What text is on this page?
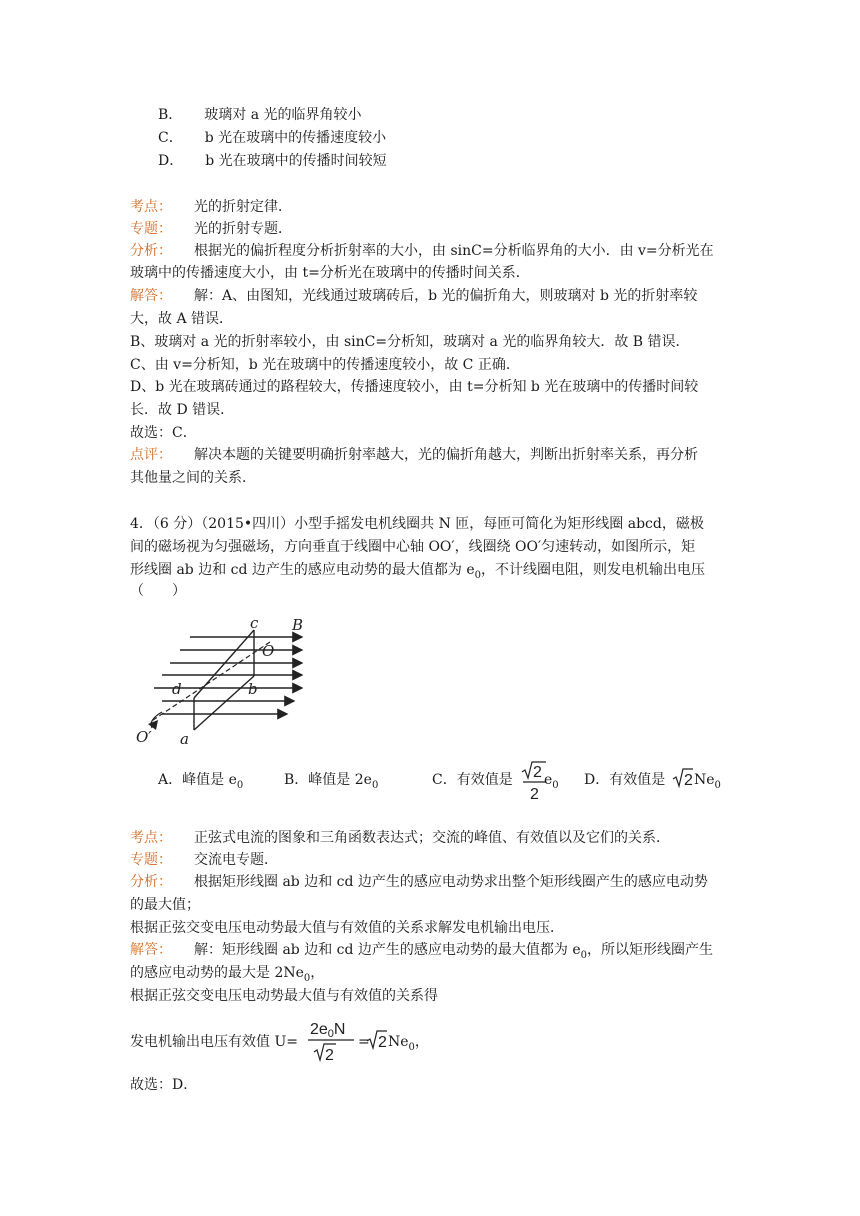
B． 玻璃对 a 光的临界角较小
C． b 光在玻璃中的传播速度较小
D． b 光在玻璃中的传播时间较短
考点： 光的折射定律．
专题： 光的折射专题．
分析： 根据光的偏折程度分析折射率的大小，由 sinC=分析临界角的大小．由 v=分析光在
玻璃中的传播速度大小，由 t=分析光在玻璃中的传播时间关系．
解答： 解：A、由图知，光线通过玻璃砖后，b 光的偏折角大，则玻璃对 b 光的折射率较
大，故 A 错误．
B、玻璃对 a 光的折射率较小，由 sinC=分析知，玻璃对 a 光的临界角较大．故 B 错误．
C、由 v=分析知，b 光在玻璃中的传播速度较小，故 C 正确．
D、b 光在玻璃砖通过的路程较大，传播速度较小，由 t=分析知 b 光在玻璃中的传播时间较
长．故 D 错误．
故选：C．
点评： 解决本题的关键要明确折射率越大，光的偏折角越大，判断出折射率关系，再分析
其他量之间的关系．
4．（6 分）（2015•四川）小型手摇发电机线圈共 N 匝，每匝可简化为矩形线圈 abcd，磁极
间的磁场视为匀强磁场，方向垂直于线圈中心轴 OO′，线圈绕 OO′匀速转动，如图所示，矩
形线圈 ab 边和 cd 边产生的感应电动势的最大值都为 $e_0$，不计线圈电阻，则发电机输出电压
（　　）
c B
O
d	b
O′ a
A．峰值是 $e_0$	B．峰值是 $2e_0$	C．有效值是 2
2
$e_0$ D．有效值是 2 $Ne_0$
考点： 正弦式电流的图象和三角函数表达式；交流的峰值、有效值以及它们的关系．
专题： 交流电专题．
分析： 根据矩形线圈 ab 边和 cd 边产生的感应电动势求出整个矩形线圈产生的感应电动势
的最大值；
根据正弦交变电压电动势最大值与有效值的关系求解发电机输出电压．
解答： 解：矩形线圈 ab 边和 cd 边产生的感应电动势的最大值都为 $e_0$，所以矩形线圈产生
的感应电动势的最大是 $2Ne_0$，
根据正弦交变电压电动势最大值与有效值的关系得
发电机输出电压有效值 U=
2e0N
2
= 2 $Ne_0$，
故选：D．
